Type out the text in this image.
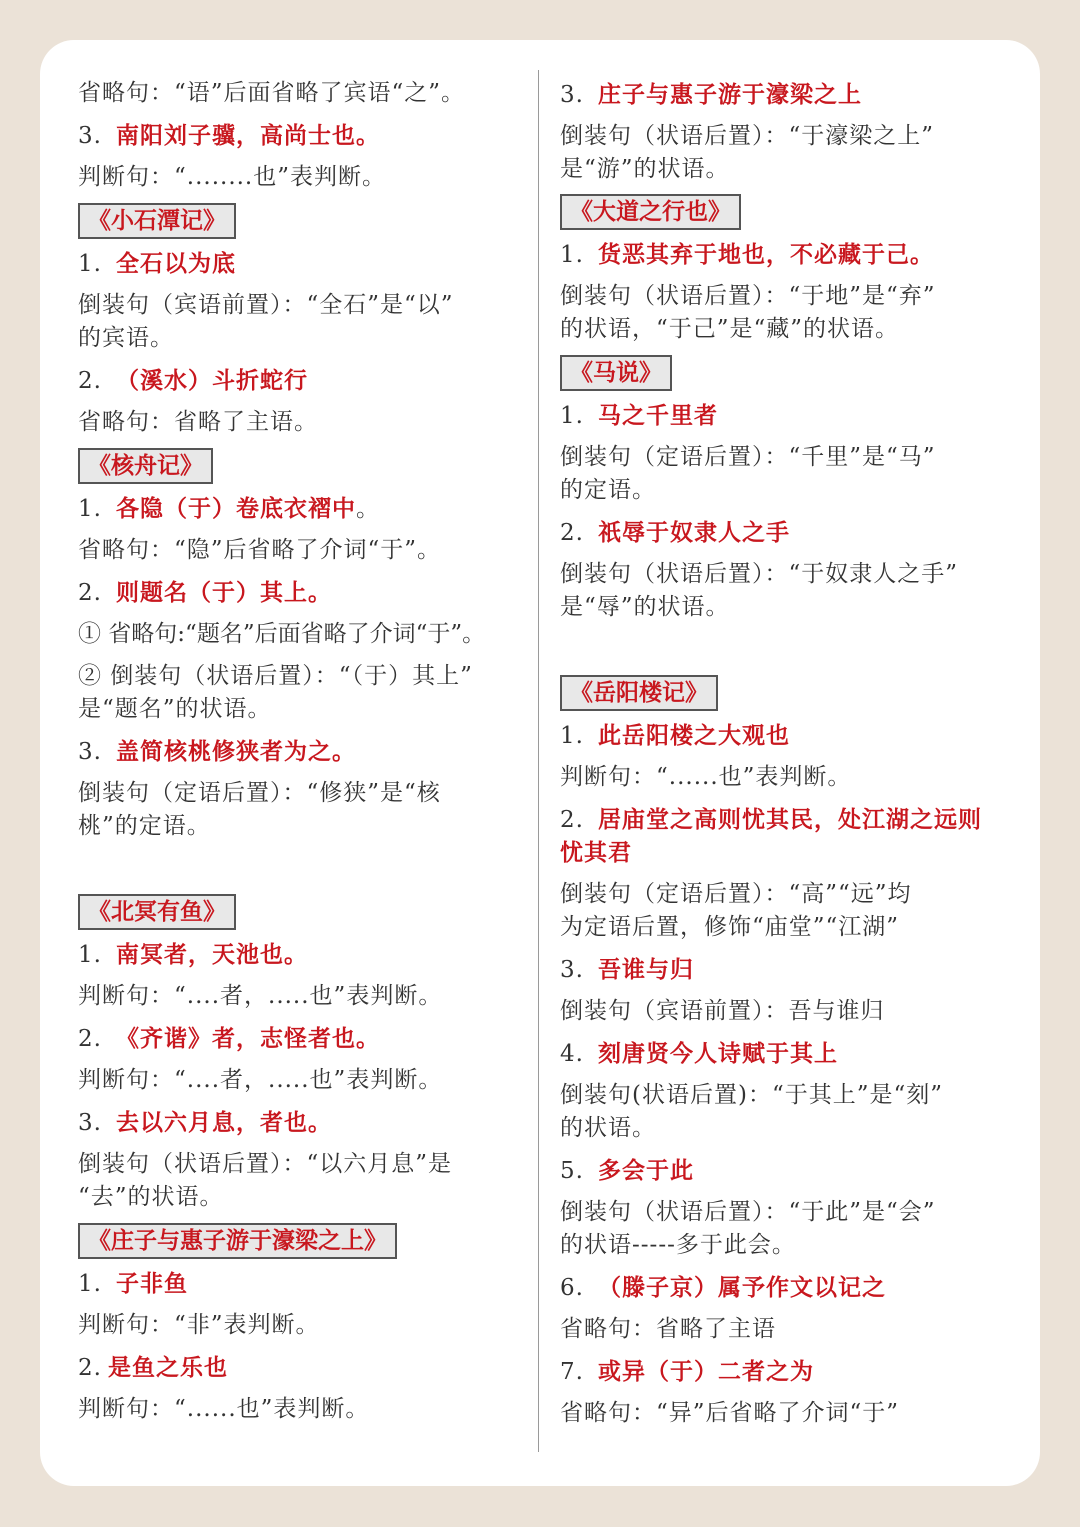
省略句：“语”后面省略了宾语“之”。
3. 南阳刘子骥，高尚士也。
判断句：“........也”表判断。
《小石潭记》
1. 全石以为底
倒装句（宾语前置）：“全石”是“以”
的宾语。
2. （溪水）斗折蛇行
省略句：省略了主语。
《核舟记》
1. 各隐（于）卷底衣褶中。
省略句：“隐”后省略了介词“于”。
2. 则题名（于）其上。
① 省略句:“题名”后面省略了介词“于”。
② 倒装句（状语后置）：“（于）其上”
是“题名”的状语。
3. 盖简核桃修狭者为之。
倒装句（定语后置）：“修狭”是“核
桃”的定语。
《北冥有鱼》
1. 南冥者，天池也。
判断句：“....者，.....也”表判断。
2. 《齐谐》者，志怪者也。
判断句：“....者，.....也”表判断。
3. 去以六月息，者也。
倒装句（状语后置）：“以六月息”是
“去”的状语。
《庄子与惠子游于濠梁之上》
1. 子非鱼
判断句：“非”表判断。
2. 是鱼之乐也
判断句：“......也”表判断。
3. 庄子与惠子游于濠梁之上
倒装句（状语后置）：“于濠梁之上”
是“游”的状语。
《大道之行也》
1. 货恶其弃于地也，不必藏于己。
倒装句（状语后置）：“于地”是“弃”
的状语，“于己”是“藏”的状语。
《马说》
1. 马之千里者
倒装句（定语后置）：“千里”是“马”
的定语。
2. 祇辱于奴隶人之手
倒装句（状语后置）：“于奴隶人之手”
是“辱”的状语。
《岳阳楼记》
1. 此岳阳楼之大观也
判断句：“......也”表判断。
2. 居庙堂之高则忧其民，处江湖之远则
忧其君
倒装句（定语后置）：“高”“远”均
为定语后置，修饰“庙堂”“江湖”
3. 吾谁与归
倒装句（宾语前置）：吾与谁归
4. 刻唐贤今人诗赋于其上
倒装句(状语后置)：“于其上”是“刻”
的状语。
5. 多会于此
倒装句（状语后置）：“于此”是“会”
的状语-----多于此会。
6. （滕子京）属予作文以记之
省略句：省略了主语
7. 或异（于）二者之为
省略句：“异”后省略了介词“于”
